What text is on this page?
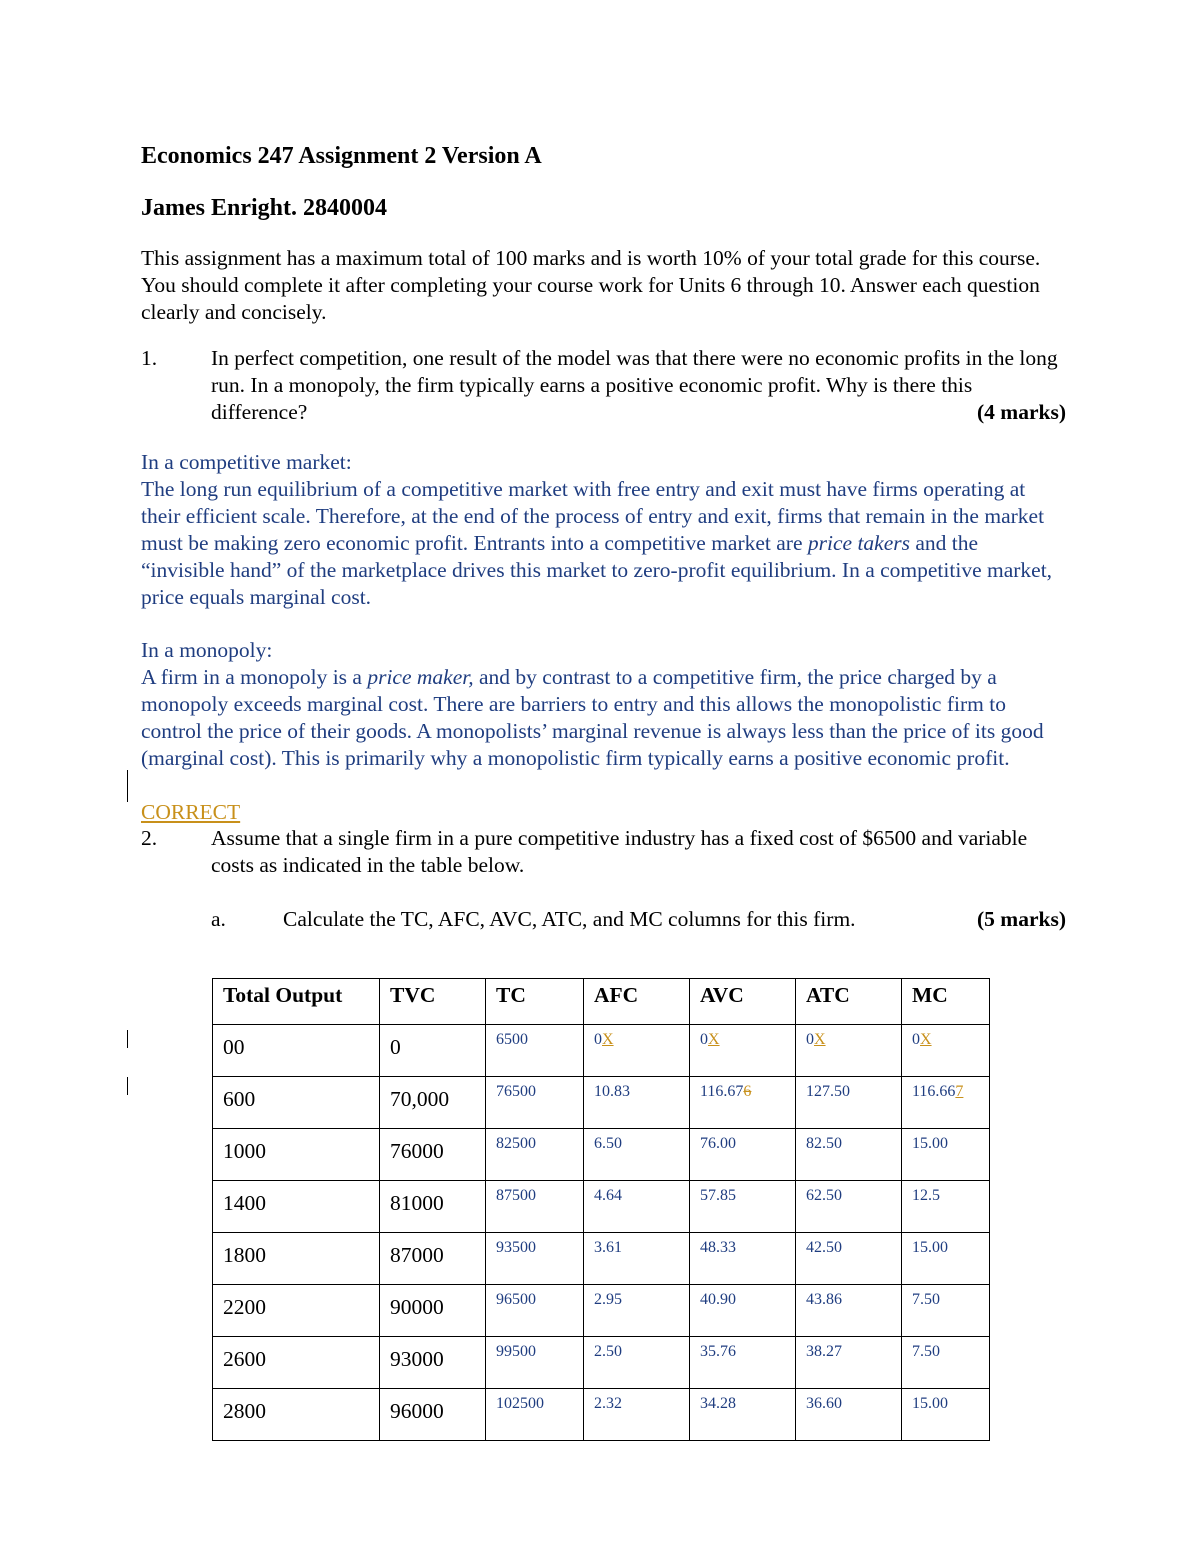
Economics 247 Assignment 2 Version A
James Enright. 2840004
This assignment has a maximum total of 100 marks and is worth 10% of your total grade for this course. You should complete it after completing your course work for Units 6 through 10. Answer each question clearly and concisely.
1.	In perfect competition, one result of the model was that there were no economic profits in the long run. In a monopoly, the firm typically earns a positive economic profit. Why is there this difference?	(4 marks)
In a competitive market:
The long run equilibrium of a competitive market with free entry and exit must have firms operating at their efficient scale. Therefore, at the end of the process of entry and exit, firms that remain in the market must be making zero economic profit. Entrants into a competitive market are price takers and the “invisible hand” of the marketplace drives this market to zero-profit equilibrium. In a competitive market, price equals marginal cost.
In a monopoly:
A firm in a monopoly is a price maker, and by contrast to a competitive firm, the price charged by a monopoly exceeds marginal cost. There are barriers to entry and this allows the monopolistic firm to control the price of their goods. A monopolists’ marginal revenue is always less than the price of its good (marginal cost). This is primarily why a monopolistic firm typically earns a positive economic profit.
CORRECT
2.	Assume that a single firm in a pure competitive industry has a fixed cost of $6500 and variable costs as indicated in the table below.
a.	Calculate the TC, AFC, AVC, ATC, and MC columns for this firm.	(5 marks)
Total Output	TVC	TC	AFC	AVC	ATC	MC
00	0	6500	0X	0X	0X	0X
600	70,000	76500	10.83	116.676	127.50	116.667
1000	76000	82500	6.50	76.00	82.50	15.00
1400	81000	87500	4.64	57.85	62.50	12.5
1800	87000	93500	3.61	48.33	42.50	15.00
2200	90000	96500	2.95	40.90	43.86	7.50
2600	93000	99500	2.50	35.76	38.27	7.50
2800	96000	102500	2.32	34.28	36.60	15.00
